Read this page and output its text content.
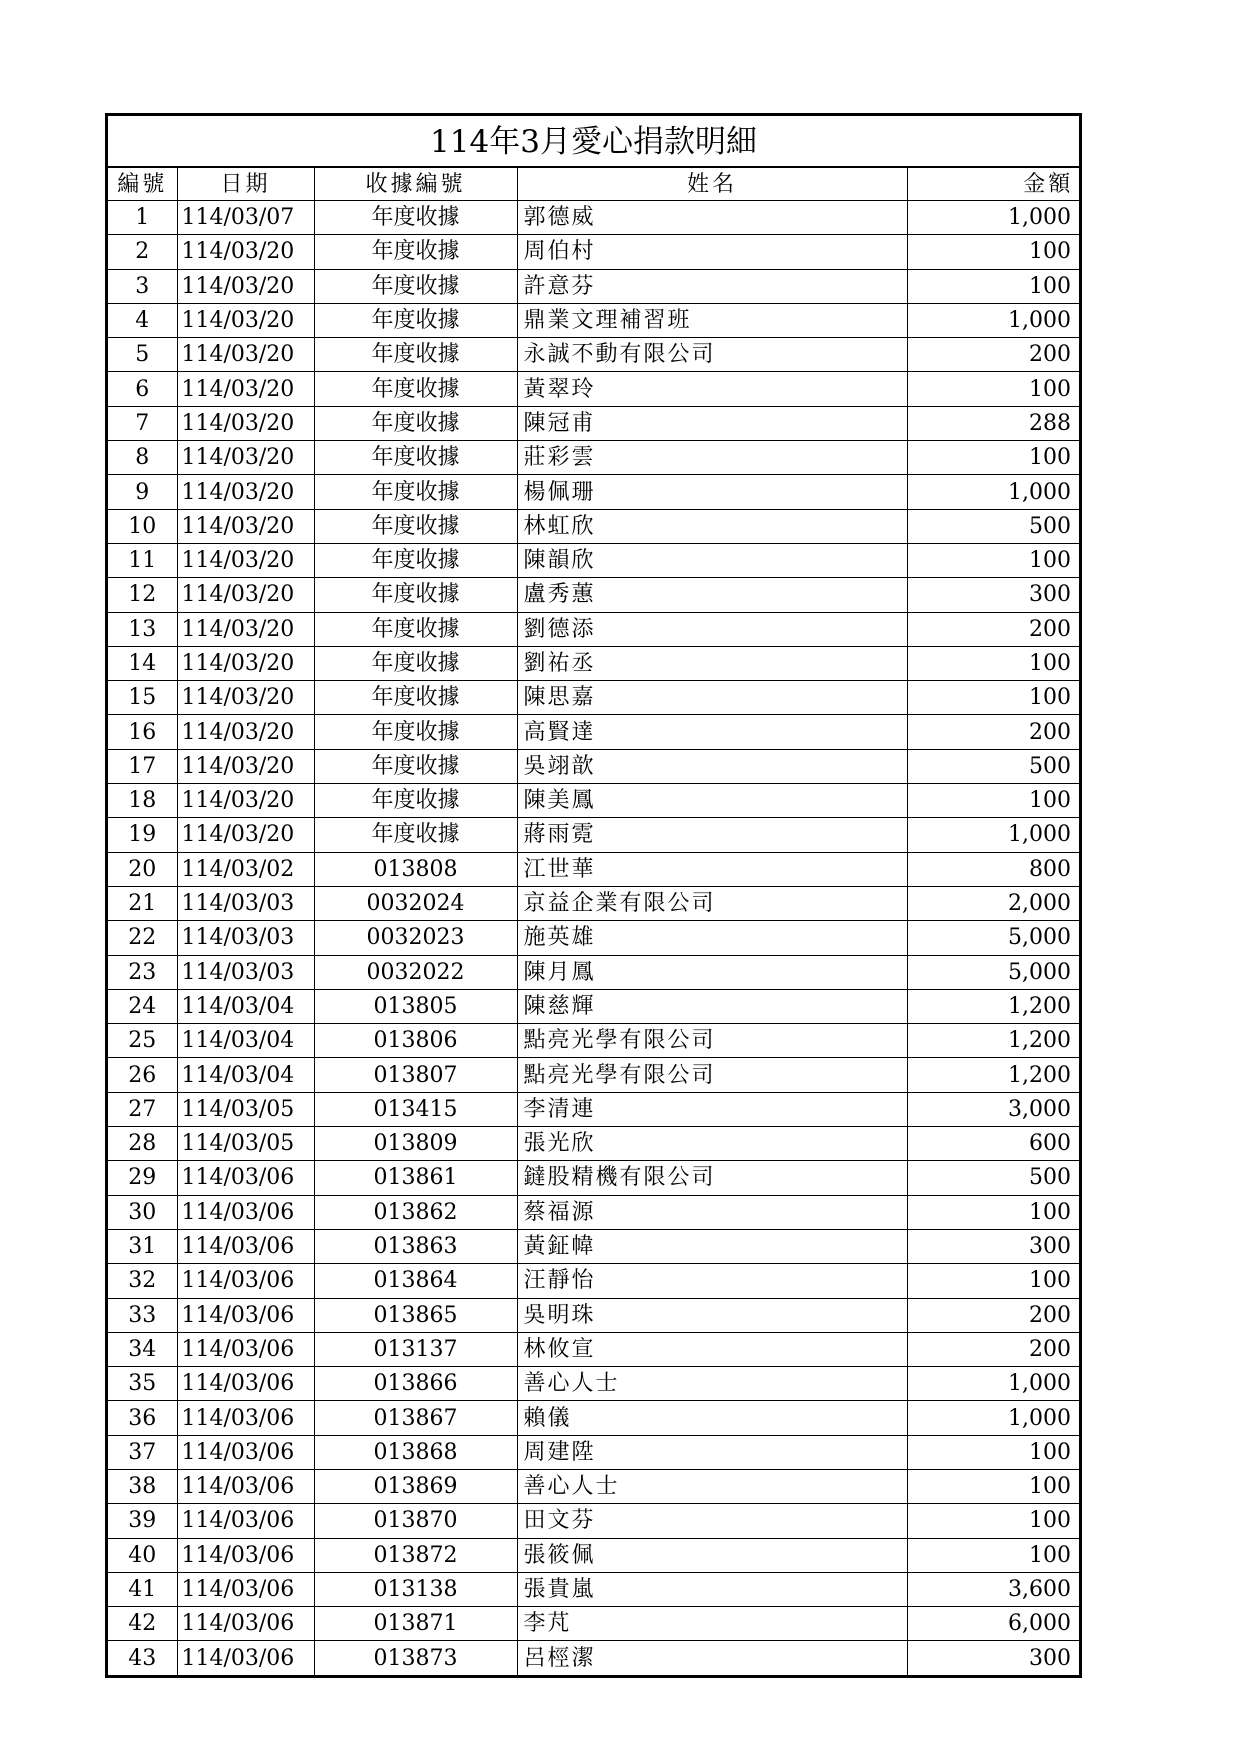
114年3月愛心捐款明細
編號	日期	收據編號	姓名	金額
1	114/03/07	年度收據	郭德威	1,000
2	114/03/20	年度收據	周伯村	100
3	114/03/20	年度收據	許意芬	100
4	114/03/20	年度收據	鼎業文理補習班	1,000
5	114/03/20	年度收據	永誠不動有限公司	200
6	114/03/20	年度收據	黃翠玲	100
7	114/03/20	年度收據	陳冠甫	288
8	114/03/20	年度收據	莊彩雲	100
9	114/03/20	年度收據	楊佩珊	1,000
10	114/03/20	年度收據	林虹欣	500
11	114/03/20	年度收據	陳韻欣	100
12	114/03/20	年度收據	盧秀蕙	300
13	114/03/20	年度收據	劉德添	200
14	114/03/20	年度收據	劉祐丞	100
15	114/03/20	年度收據	陳思嘉	100
16	114/03/20	年度收據	高賢達	200
17	114/03/20	年度收據	吳翊歆	500
18	114/03/20	年度收據	陳美鳳	100
19	114/03/20	年度收據	蔣雨霓	1,000
20	114/03/02	013808	江世華	800
21	114/03/03	0032024	京益企業有限公司	2,000
22	114/03/03	0032023	施英雄	5,000
23	114/03/03	0032022	陳月鳳	5,000
24	114/03/04	013805	陳慈輝	1,200
25	114/03/04	013806	點亮光學有限公司	1,200
26	114/03/04	013807	點亮光學有限公司	1,200
27	114/03/05	013415	李清連	3,000
28	114/03/05	013809	張光欣	600
29	114/03/06	013861	鐽股精機有限公司	500
30	114/03/06	013862	蔡福源	100
31	114/03/06	013863	黃鉦幃	300
32	114/03/06	013864	汪靜怡	100
33	114/03/06	013865	吳明珠	200
34	114/03/06	013137	林攸宣	200
35	114/03/06	013866	善心人士	1,000
36	114/03/06	013867	賴儀	1,000
37	114/03/06	013868	周建陞	100
38	114/03/06	013869	善心人士	100
39	114/03/06	013870	田文芬	100
40	114/03/06	013872	張筱佩	100
41	114/03/06	013138	張貴嵐	3,600
42	114/03/06	013871	李芃	6,000
43	114/03/06	013873	呂桱潔	300
